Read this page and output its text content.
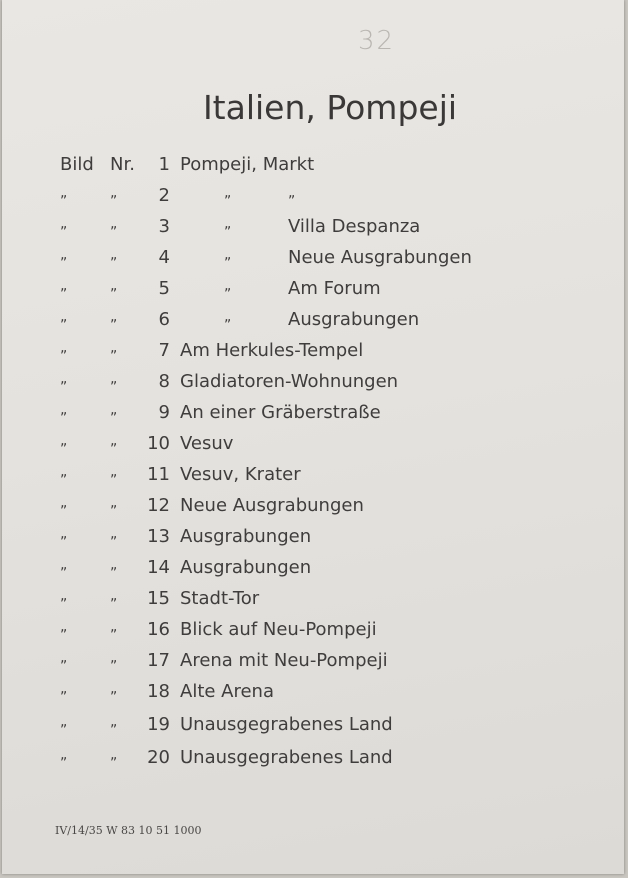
32
Italien, Pompeji
Bild Nr.	1 Pompeji, Markt
„	„	2	„	„
„	„	3	„	Villa Despanza
„	„	4	„	Neue Ausgrabungen
„	„	5	„	Am Forum
„	„	6	„	Ausgrabungen
„	„	7 Am Herkules-Tempel
„	„	8 Gladiatoren-Wohnungen
„	„	9 An einer Gräberstraße
„	„	10 Vesuv
„	„	11 Vesuv, Krater
„	„	12 Neue Ausgrabungen
„	„	13 Ausgrabungen
„	„	14 Ausgrabungen
„	„	15 Stadt-Tor
„	„	16 Blick auf Neu-Pompeji
„	„	17 Arena mit Neu-Pompeji
„	„	18 Alte Arena
„	„	19 Unausgegrabenes Land
„	„	20 Unausgegrabenes Land
IV/14/35 W 83 10 51 1000
